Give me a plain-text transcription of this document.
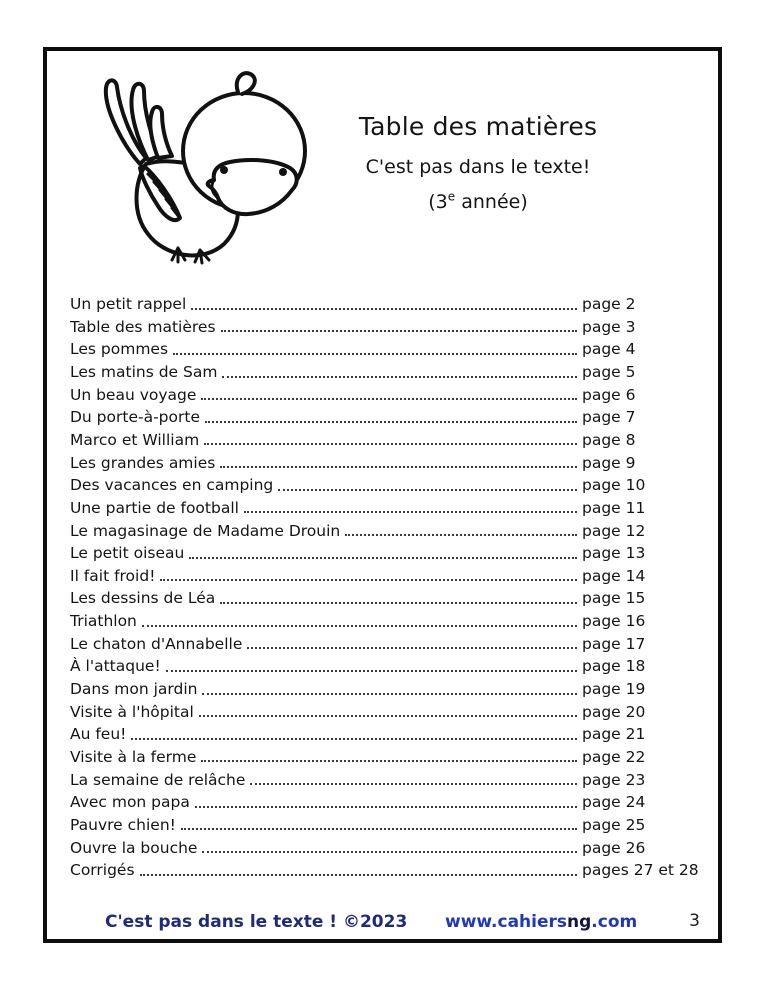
Table des matières
C'est pas dans le texte!
(3e année)
Un petit rappel	page 2
Table des matières	page 3
Les pommes	page 4
Les matins de Sam	page 5
Un beau voyage	page 6
Du porte-à-porte	page 7
Marco et William	page 8
Les grandes amies	page 9
Des vacances en camping	page 10
Une partie de football	page 11
Le magasinage de Madame Drouin	page 12
Le petit oiseau	page 13
Il fait froid!	page 14
Les dessins de Léa	page 15
Triathlon	page 16
Le chaton d'Annabelle	page 17
À l'attaque!	page 18
Dans mon jardin	page 19
Visite à l'hôpital	page 20
Au feu!	page 21
Visite à la ferme	page 22
La semaine de relâche	page 23
Avec mon papa	page 24
Pauvre chien!	page 25
Ouvre la bouche	page 26
Corrigés	pages 27 et 28
C'est pas dans le texte ! ©2023 www.cahiersng.com	3
